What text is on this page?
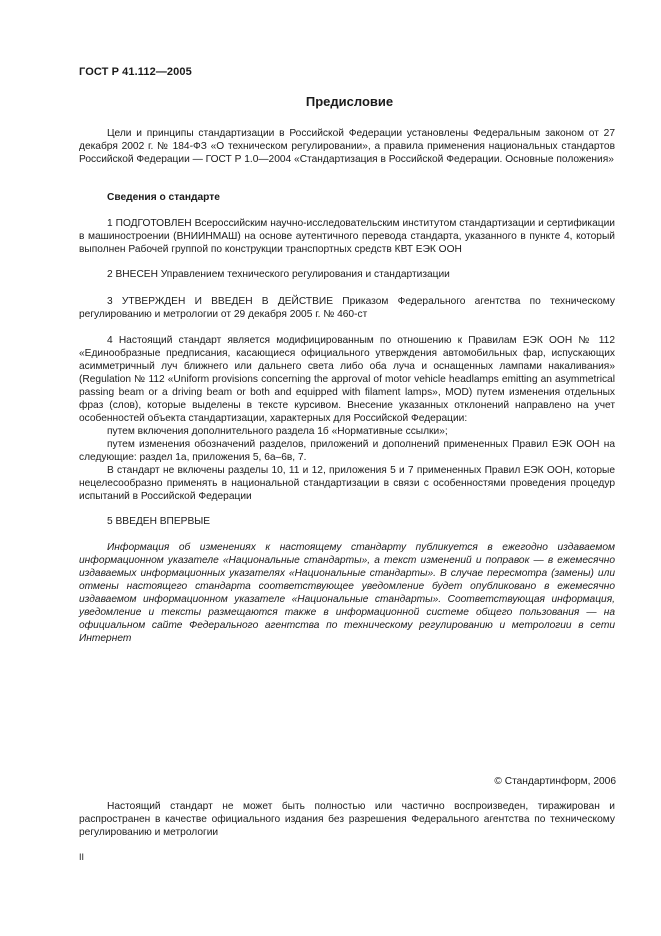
ГОСТ Р 41.112—2005
Предисловие

Цели и принципы стандартизации в Российской Федерации установлены Федеральным законом от 27 декабря 2002 г. № 184-ФЗ «О техническом регулировании», а правила применения национальных стандартов Российской Федерации — ГОСТ Р 1.0—2004 «Стандартизация в Российской Федерации. Основные положения»

Сведения о стандарте

1 ПОДГОТОВЛЕН Всероссийским научно-исследовательским институтом стандартизации и сертификации в машиностроении (ВНИИНМАШ) на основе аутентичного перевода стандарта, указанного в пункте 4, который выполнен Рабочей группой по конструкции транспортных средств КВТ ЕЭК ООН

2 ВНЕСЕН Управлением технического регулирования и стандартизации

3 УТВЕРЖДЕН И ВВЕДЕН В ДЕЙСТВИЕ Приказом Федерального агентства по техническому регулированию и метрологии от 29 декабря 2005 г. № 460-ст

4 Настоящий стандарт является модифицированным по отношению к Правилам ЕЭК ООН № 112 «Единообразные предписания, касающиеся официального утверждения автомобильных фар, испускающих асимметричный луч ближнего или дальнего света либо оба луча и оснащенных лампами накаливания» (Regulation № 112 «Uniform provisions concerning the approval of motor vehicle headlamps emitting an asymmetrical passing beam or a driving beam or both and equipped with filament lamps», MOD) путем изменения отдельных фраз (слов), которые выделены в тексте курсивом. Внесение указанных отклонений направлено на учет особенностей объекта стандартизации, характерных для Российской Федерации:

путем включения дополнительного раздела 1б «Нормативные ссылки»;

путем изменения обозначений разделов, приложений и дополнений примененных Правил ЕЭК ООН на следующие: раздел 1а, приложения 5, 6а–6в, 7.

В стандарт не включены разделы 10, 11 и 12, приложения 5 и 7 примененных Правил ЕЭК ООН, которые нецелесообразно применять в национальной стандартизации в связи с особенностями проведения процедур испытаний в Российской Федерации

5 ВВЕДЕН ВПЕРВЫЕ

Информация об изменениях к настоящему стандарту публикуется в ежегодно издаваемом информационном указателе «Национальные стандарты», а текст изменений и поправок — в ежемесячно издаваемых информационных указателях «Национальные стандарты». В случае пересмотра (замены) или отмены настоящего стандарта соответствующее уведомление будет опубликовано в ежемесячно издаваемом информационном указателе «Национальные стандарты». Соответствующая информация, уведомление и тексты размещаются также в информационной системе общего пользования — на официальном сайте Федерального агентства по техническому регулированию и метрологии в сети Интернет

© Стандартинформ, 2006

Настоящий стандарт не может быть полностью или частично воспроизведен, тиражирован и распространен в качестве официального издания без разрешения Федерального агентства по техническому регулированию и метрологии

II
